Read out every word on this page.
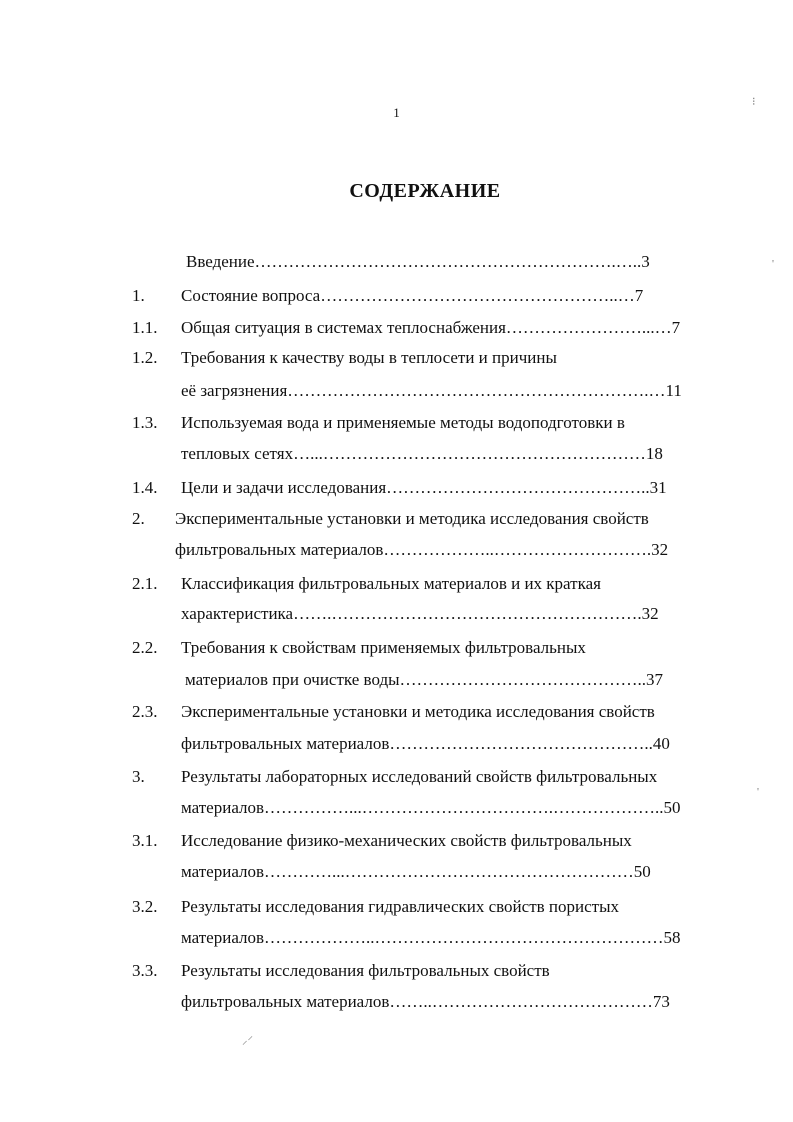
1
СОДЕРЖАНИЕ
Введение……………………………………………………….…..3
1. Состояние вопроса……………………………………………..…7
1.1. Общая ситуация в системах теплоснабжения……………………...…7
1.2. Требования к качеству воды в теплосети и причины
её загрязнения……………………………………………………….…11
1.3. Используемая вода и применяемые методы водоподготовки в
тепловых сетях…...…………………………………………………18
1.4. Цели и задачи исследования………………………………………..31
2. Экспериментальные установки и методика исследования свойств
фильтровальных материалов………………..……………………….32
2.1. Классификация фильтровальных материалов и их краткая
характеристика…….……………………………………………….32
2.2. Требования к свойствам применяемых фильтровальных
материалов при очистке воды……………………………………..37
2.3. Экспериментальные установки и методика исследования свойств
фильтровальных материалов………………………………………..40
3. Результаты лабораторных исследований свойств фильтровальных
материалов……………...…………………………….………………..50
3.1. Исследование физико-механических свойств фильтровальных
материалов…………...……………………………………………50
3.2. Результаты исследования гидравлических свойств пористых
материалов………………..……………………………………………58
3.3. Результаты исследования фильтровальных свойств
фильтровальных материалов……..…………………………………73
⁝
'
'
⸝⸍
